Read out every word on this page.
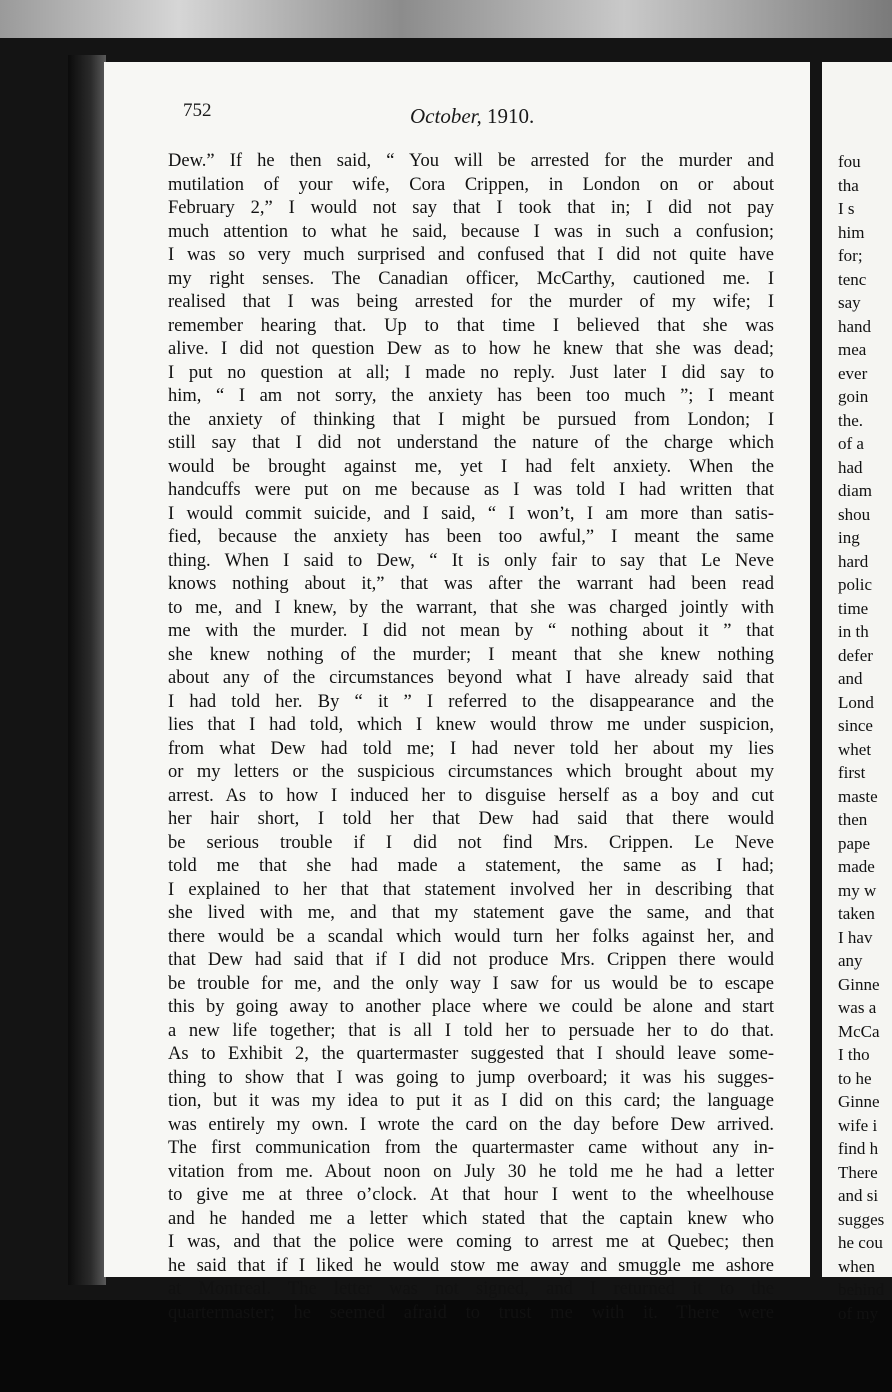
752	October, 1910.
Dew.” If he then said, “ You will be arrested for the murder and
mutilation of your wife, Cora Crippen, in London on or about
February 2,” I would not say that I took that in; I did not pay
much attention to what he said, because I was in such a confusion;
I was so very much surprised and confused that I did not quite have
my right senses. The Canadian officer, McCarthy, cautioned me. I
realised that I was being arrested for the murder of my wife; I
remember hearing that. Up to that time I believed that she was
alive. I did not question Dew as to how he knew that she was dead;
I put no question at all; I made no reply. Just later I did say to
him, “ I am not sorry, the anxiety has been too much ”; I meant
the anxiety of thinking that I might be pursued from London; I
still say that I did not understand the nature of the charge which
would be brought against me, yet I had felt anxiety. When the
handcuffs were put on me because as I was told I had written that
I would commit suicide, and I said, “ I won’t, I am more than satis-
fied, because the anxiety has been too awful,” I meant the same
thing. When I said to Dew, “ It is only fair to say that Le Neve
knows nothing about it,” that was after the warrant had been read
to me, and I knew, by the warrant, that she was charged jointly with
me with the murder. I did not mean by “ nothing about it ” that
she knew nothing of the murder; I meant that she knew nothing
about any of the circumstances beyond what I have already said that
I had told her. By “ it ” I referred to the disappearance and the
lies that I had told, which I knew would throw me under suspicion,
from what Dew had told me; I had never told her about my lies
or my letters or the suspicious circumstances which brought about my
arrest. As to how I induced her to disguise herself as a boy and cut
her hair short, I told her that Dew had said that there would
be serious trouble if I did not find Mrs. Crippen. Le Neve
told me that she had made a statement, the same as I had;
I explained to her that that statement involved her in describing that
she lived with me, and that my statement gave the same, and that
there would be a scandal which would turn her folks against her, and
that Dew had said that if I did not produce Mrs. Crippen there would
be trouble for me, and the only way I saw for us would be to escape
this by going away to another place where we could be alone and start
a new life together; that is all I told her to persuade her to do that.
As to Exhibit 2, the quartermaster suggested that I should leave some-
thing to show that I was going to jump overboard; it was his sugges-
tion, but it was my idea to put it as I did on this card; the language
was entirely my own. I wrote the card on the day before Dew arrived.
The first communication from the quartermaster came without any in-
vitation from me. About noon on July 30 he told me he had a letter
to give me at three o’clock. At that hour I went to the wheelhouse
and he handed me a letter which stated that the captain knew who
I was, and that the police were coming to arrest me at Quebec; then
he said that if I liked he would stow me away and smuggle me ashore
at Montreal. The letter was not signed, and I returned it to the
quartermaster; he seemed afraid to trust me with it. There were
fou
tha
I s
him
for;
tenc
say
hand
mea
ever
goin
the.
of a
had
diam
shou
ing
hard
polic
time
in th
defer
and
Lond
since
whet
first
maste
then
pape
made
my w
taken
I hav
any
Ginne
was a
McCa
I tho
to he
Ginne
wife i
find h
There
and si
sugges
he cou
when
behind
of my
